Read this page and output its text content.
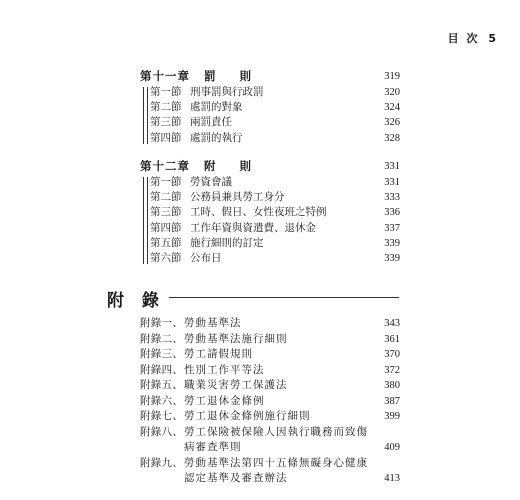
目 次 5
第十一章 罰 則	319
第一節 刑事罰與行政罰	320
第二節 處罰的對象	324
第三節 兩罰責任	326
第四節 處罰的執行	328
第十二章 附 則	331
第一節 勞資會議	331
第二節 公務員兼具勞工身分	333
第三節 工時、假日、女性夜班之特例	336
第四節 工作年資與資遣費、退休金	337
第五節 施行細則的訂定	339
第六節 公布日	339
附 錄
附錄一、 勞動基準法	343
附錄二、 勞動基準法施行細則	361
附錄三、 勞工請假規則	370
附錄四、 性別工作平等法	372
附錄五、 職業災害勞工保護法	380
附錄六、 勞工退休金條例	387
附錄七、 勞工退休金條例施行細則	399
附錄八、 勞工保險被保險人因執行職務而致傷病審查準則	409
附錄九、 勞動基準法第四十五條無礙身心健康認定基準及審查辦法	413
